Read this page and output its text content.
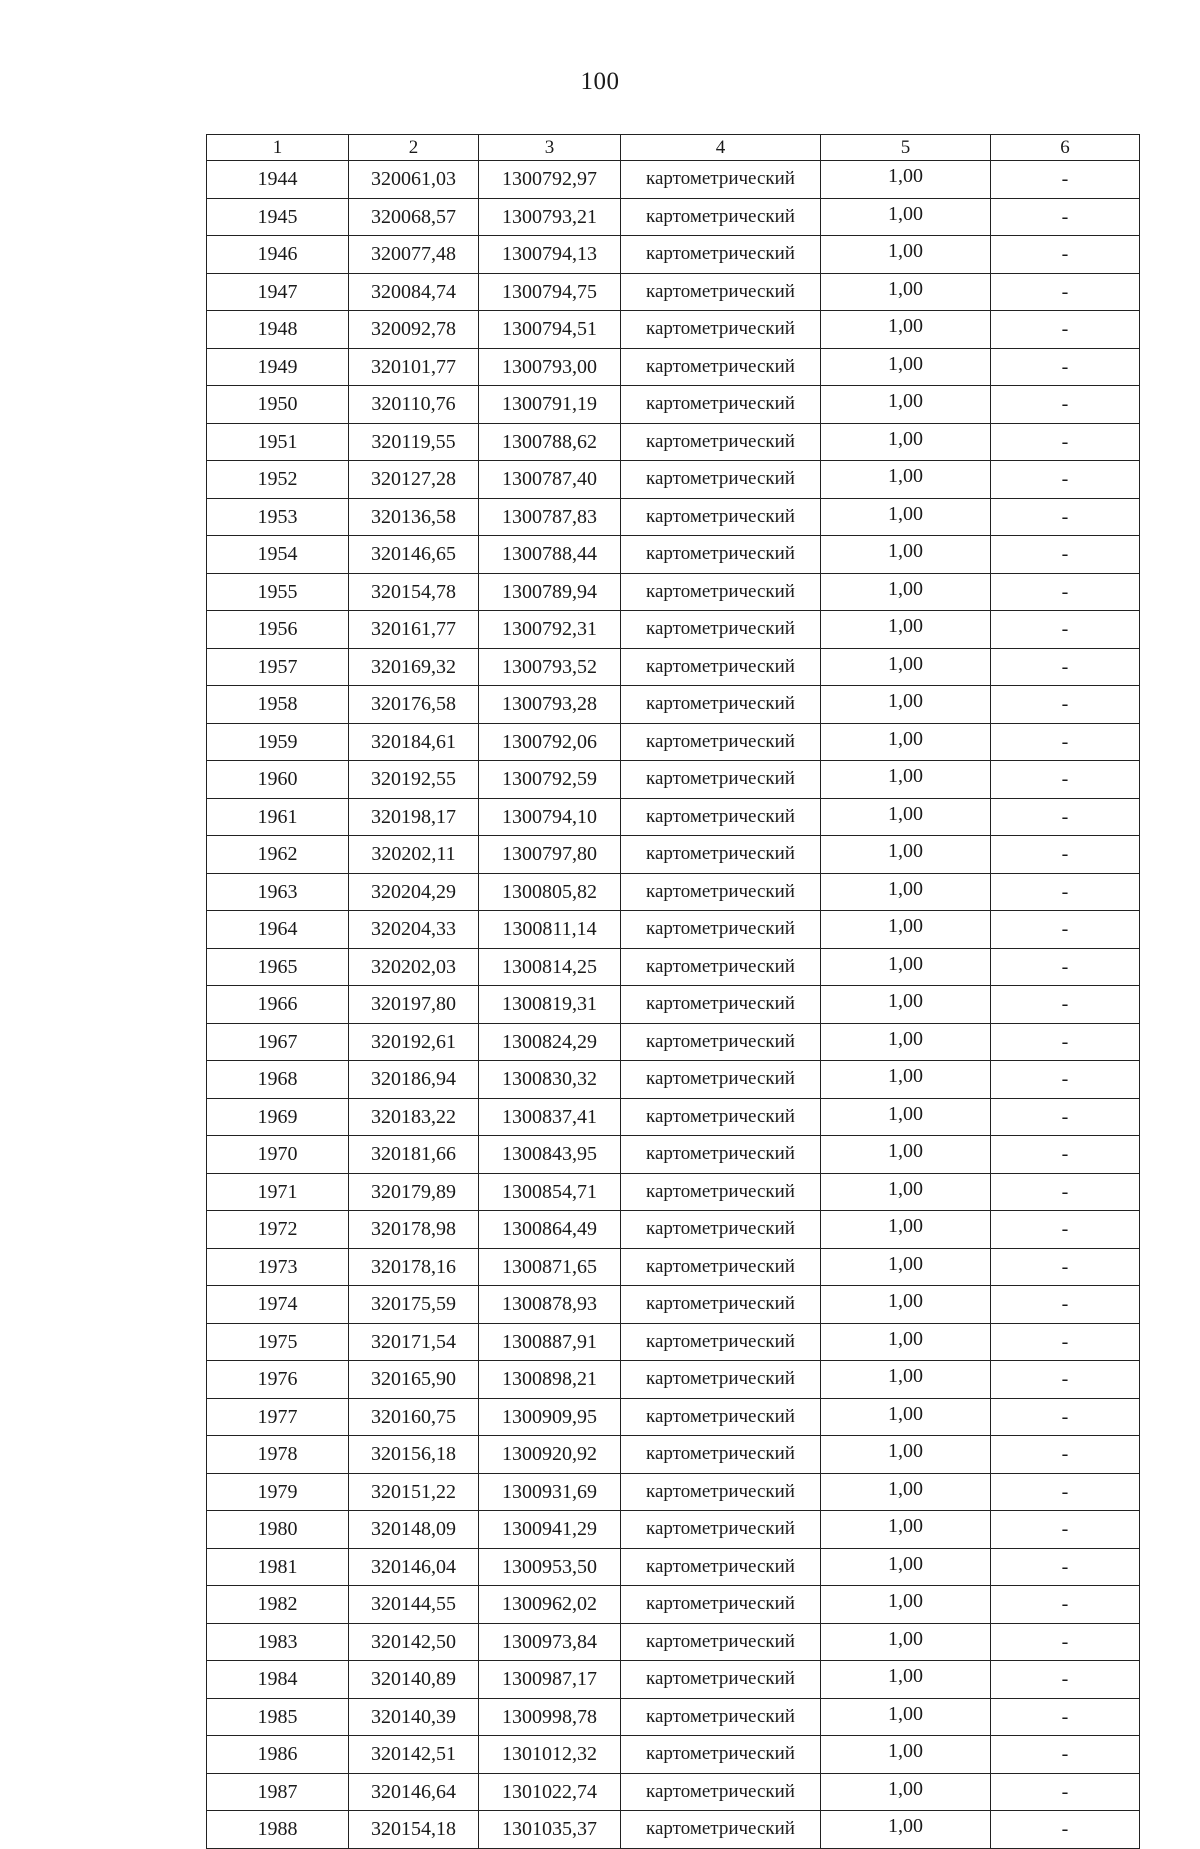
100
1	2	3	4	5	6
1944	320061,03	1300792,97	картометрический	1,00	-
1945	320068,57	1300793,21	картометрический	1,00	-
1946	320077,48	1300794,13	картометрический	1,00	-
1947	320084,74	1300794,75	картометрический	1,00	-
1948	320092,78	1300794,51	картометрический	1,00	-
1949	320101,77	1300793,00	картометрический	1,00	-
1950	320110,76	1300791,19	картометрический	1,00	-
1951	320119,55	1300788,62	картометрический	1,00	-
1952	320127,28	1300787,40	картометрический	1,00	-
1953	320136,58	1300787,83	картометрический	1,00	-
1954	320146,65	1300788,44	картометрический	1,00	-
1955	320154,78	1300789,94	картометрический	1,00	-
1956	320161,77	1300792,31	картометрический	1,00	-
1957	320169,32	1300793,52	картометрический	1,00	-
1958	320176,58	1300793,28	картометрический	1,00	-
1959	320184,61	1300792,06	картометрический	1,00	-
1960	320192,55	1300792,59	картометрический	1,00	-
1961	320198,17	1300794,10	картометрический	1,00	-
1962	320202,11	1300797,80	картометрический	1,00	-
1963	320204,29	1300805,82	картометрический	1,00	-
1964	320204,33	1300811,14	картометрический	1,00	-
1965	320202,03	1300814,25	картометрический	1,00	-
1966	320197,80	1300819,31	картометрический	1,00	-
1967	320192,61	1300824,29	картометрический	1,00	-
1968	320186,94	1300830,32	картометрический	1,00	-
1969	320183,22	1300837,41	картометрический	1,00	-
1970	320181,66	1300843,95	картометрический	1,00	-
1971	320179,89	1300854,71	картометрический	1,00	-
1972	320178,98	1300864,49	картометрический	1,00	-
1973	320178,16	1300871,65	картометрический	1,00	-
1974	320175,59	1300878,93	картометрический	1,00	-
1975	320171,54	1300887,91	картометрический	1,00	-
1976	320165,90	1300898,21	картометрический	1,00	-
1977	320160,75	1300909,95	картометрический	1,00	-
1978	320156,18	1300920,92	картометрический	1,00	-
1979	320151,22	1300931,69	картометрический	1,00	-
1980	320148,09	1300941,29	картометрический	1,00	-
1981	320146,04	1300953,50	картометрический	1,00	-
1982	320144,55	1300962,02	картометрический	1,00	-
1983	320142,50	1300973,84	картометрический	1,00	-
1984	320140,89	1300987,17	картометрический	1,00	-
1985	320140,39	1300998,78	картометрический	1,00	-
1986	320142,51	1301012,32	картометрический	1,00	-
1987	320146,64	1301022,74	картометрический	1,00	-
1988	320154,18	1301035,37	картометрический	1,00	-
